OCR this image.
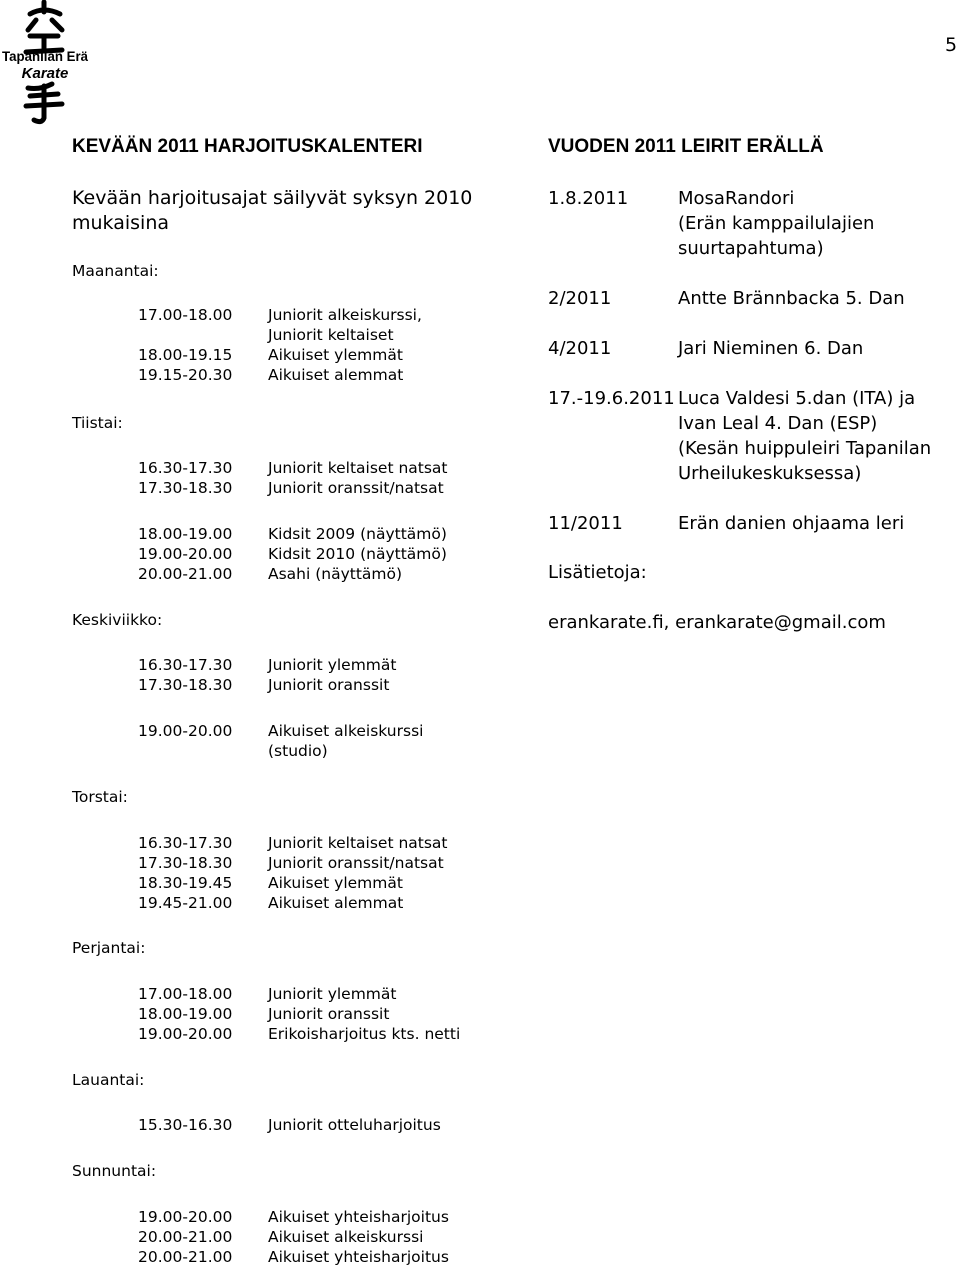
Tapanilan Erä
Karate
5
KEVÄÄN 2011 HARJOITUSKALENTERI
Kevään harjoitusajat säilyvät syksyn 2010
mukaisina
Maanantai:
17.00-18.00 Juniorit alkeiskurssi,
Juniorit keltaiset
18.00-19.15 Aikuiset ylemmät
19.15-20.30 Aikuiset alemmat
Tiistai:
16.30-17.30 Juniorit keltaiset natsat
17.30-18.30 Juniorit oranssit/natsat
18.00-19.00 Kidsit 2009 (näyttämö)
19.00-20.00 Kidsit 2010 (näyttämö)
20.00-21.00 Asahi (näyttämö)
Keskiviikko:
16.30-17.30 Juniorit ylemmät
17.30-18.30 Juniorit oranssit
19.00-20.00 Aikuiset alkeiskurssi
(studio)
Torstai:
16.30-17.30 Juniorit keltaiset natsat
17.30-18.30 Juniorit oranssit/natsat
18.30-19.45 Aikuiset ylemmät
19.45-21.00 Aikuiset alemmat
Perjantai:
17.00-18.00 Juniorit ylemmät
18.00-19.00 Juniorit oranssit
19.00-20.00 Erikoisharjoitus kts. netti
Lauantai:
15.30-16.30 Juniorit otteluharjoitus
Sunnuntai:
19.00-20.00 Aikuiset yhteisharjoitus
20.00-21.00 Aikuiset alkeiskurssi
20.00-21.00 Aikuiset yhteisharjoitus
VUODEN 2011 LEIRIT ERÄLLÄ
1.8.2011	MosaRandori
(Erän kamppailulajien
suurtapahtuma)
2/2011	Antte Brännbacka 5. Dan
4/2011	Jari Nieminen 6. Dan
17.-19.6.2011 Luca Valdesi 5.dan (ITA) ja
Ivan Leal 4. Dan (ESP)
(Kesän huippuleiri Tapanilan
Urheilukeskuksessa)
11/2011	Erän danien ohjaama leri
Lisätietoja:
erankarate.fi, erankarate@gmail.com
